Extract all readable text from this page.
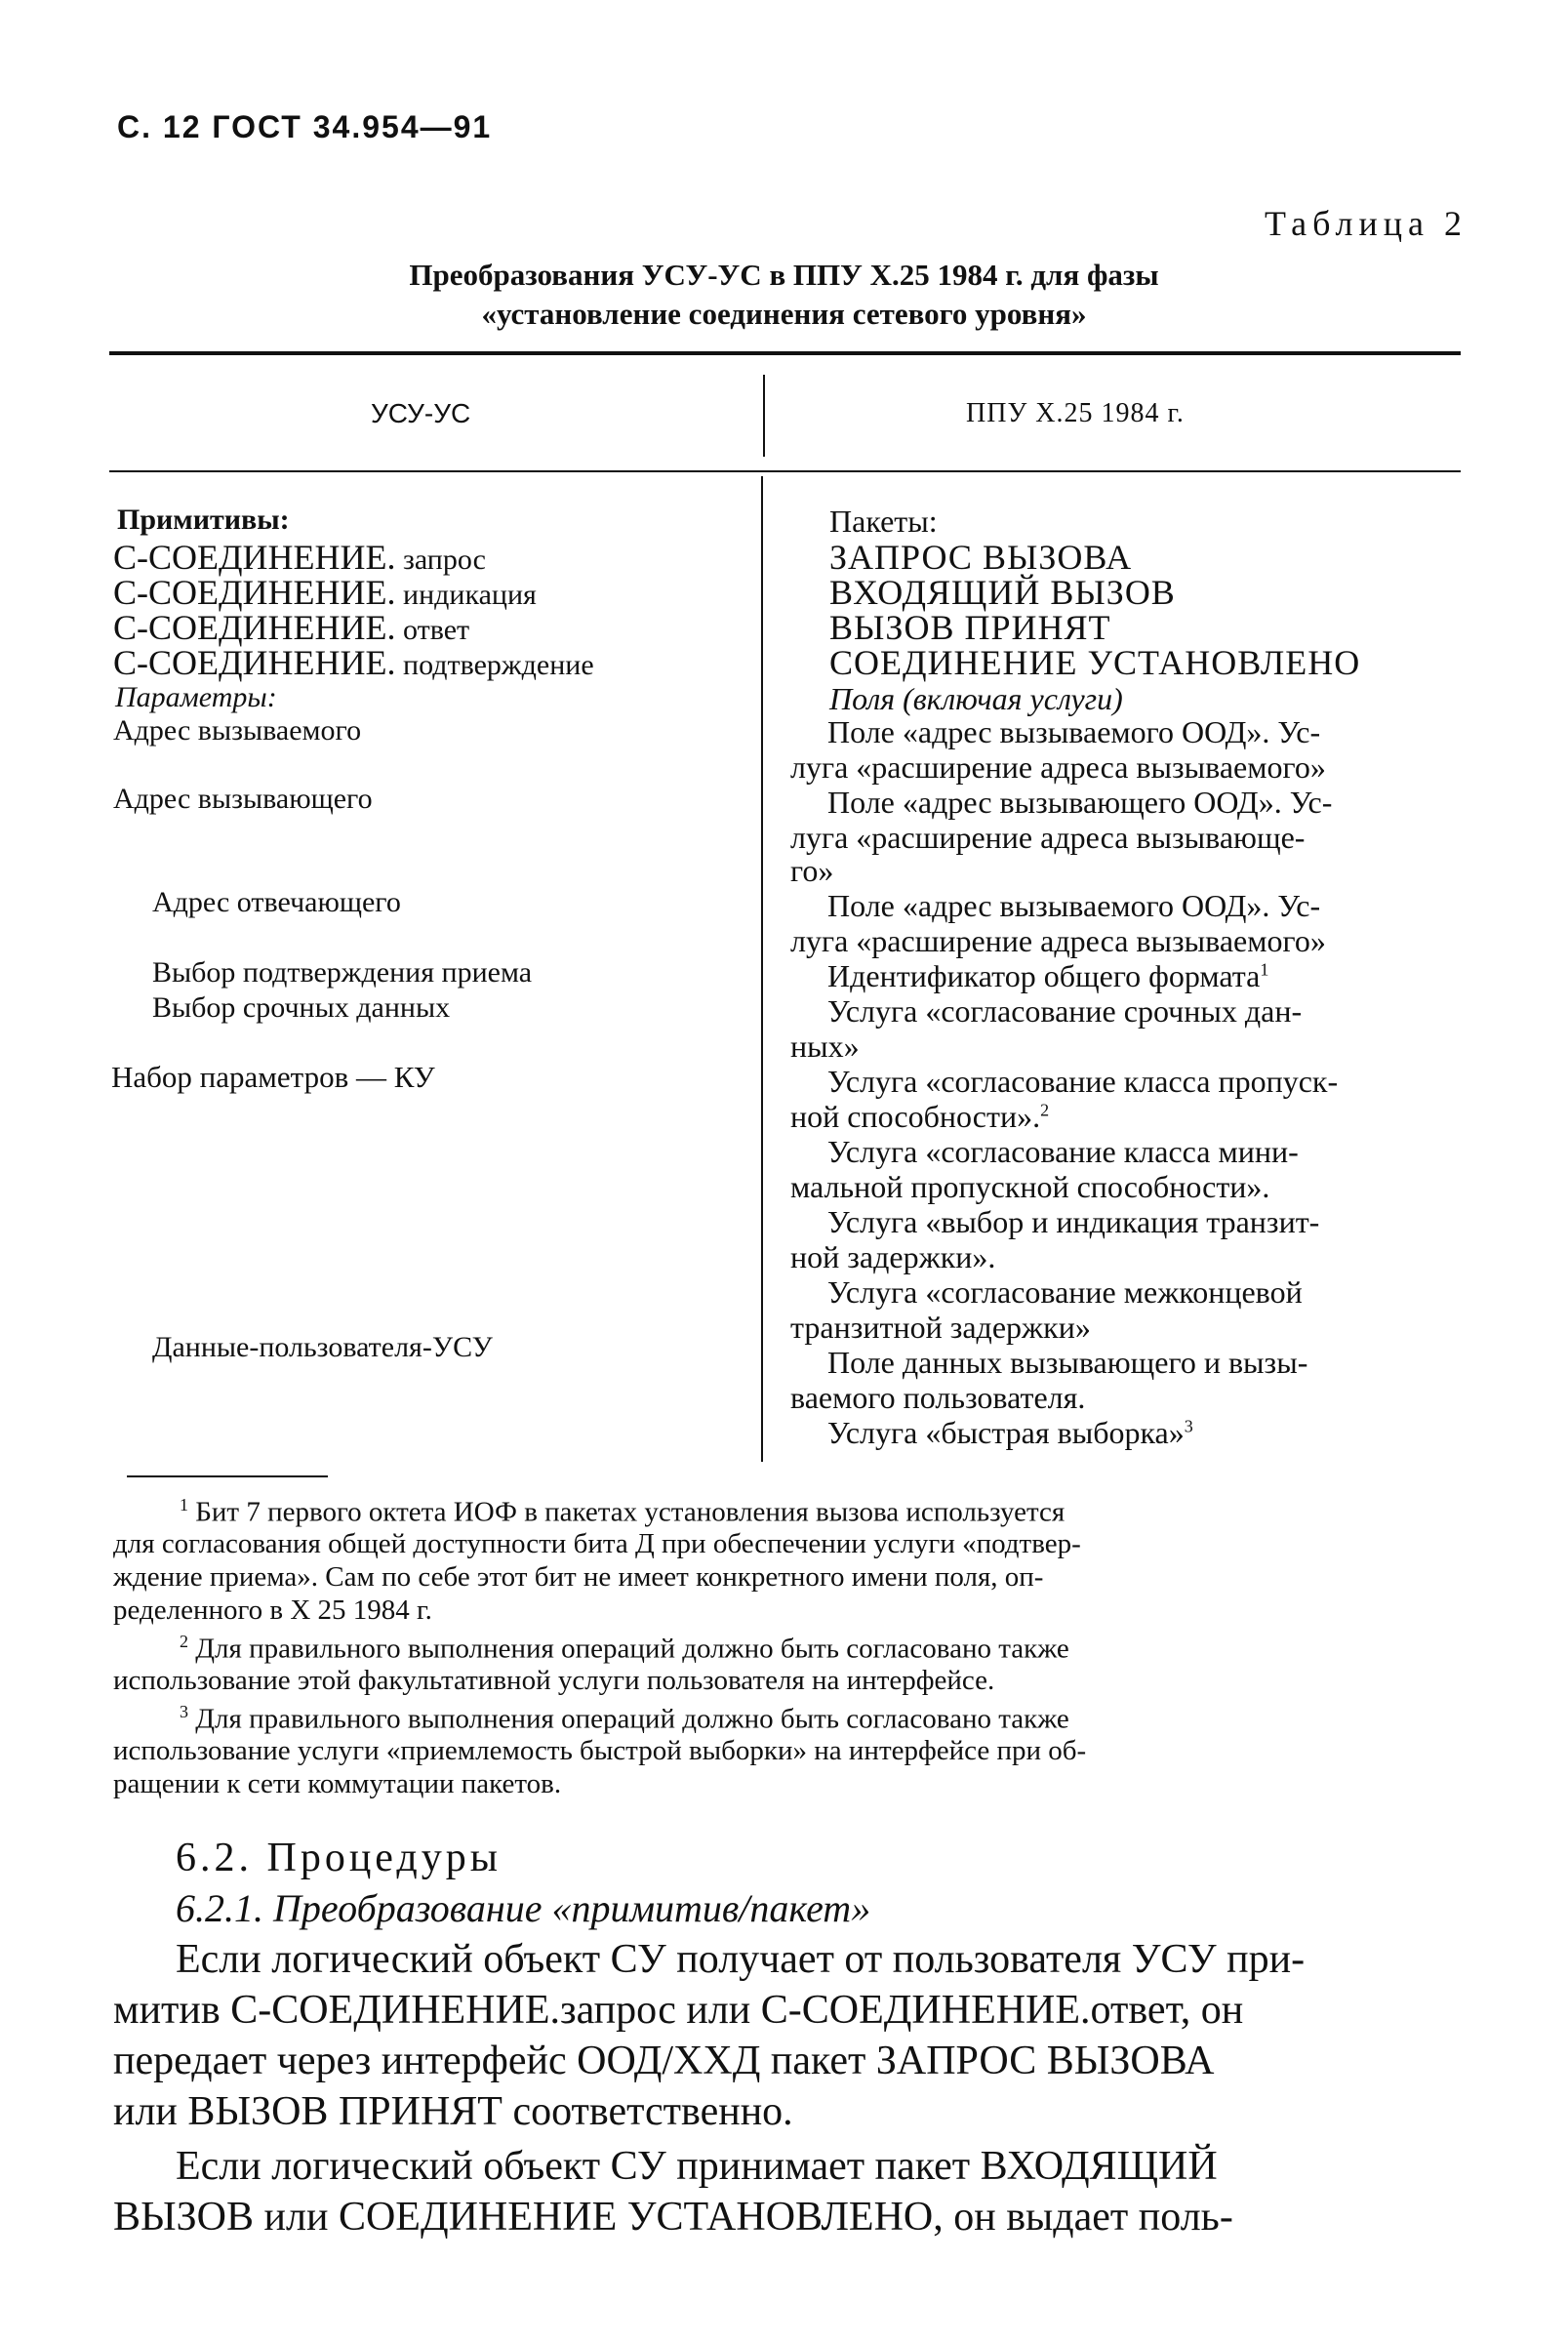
С. 12 ГОСТ 34.954—91
Таблица 2
Преобразования УСУ-УС в ППУ Х.25 1984 г. для фазы
«установление соединения сетевого уровня»
УСУ-УС	ППУ Х.25 1984 г.
Примитивы:
С-СОЕДИНЕНИЕ. запрос
С-СОЕДИНЕНИЕ. индикация
С-СОЕДИНЕНИЕ. ответ
С-СОЕДИНЕНИЕ. подтверждение
Параметры:
Адрес вызываемого
Адрес вызывающего
Адрес отвечающего
Выбор подтверждения приема
Выбор срочных данных
Набор параметров — КУ
Данные-пользователя-УСУ
Пакеты:
ЗАПРОС ВЫЗОВА
ВХОДЯЩИЙ ВЫЗОВ
ВЫЗОВ ПРИНЯТ
СОЕДИНЕНИЕ УСТАНОВЛЕНО
Поля (включая услуги)
Поле «адрес вызываемого ООД». Ус-
луга «расширение адреса вызываемого»
Поле «адрес вызывающего ООД». Ус-
луга «расширение адреса вызывающе-
го»
Поле «адрес вызываемого ООД». Ус-
луга «расширение адреса вызываемого»
Идентификатор общего формата$^1$
Услуга «согласование срочных дан-
ных»
Услуга «согласование класса пропуск-
ной способности».$^2$
Услуга «согласование класса мини-
мальной пропускной способности».
Услуга «выбор и индикация транзит-
ной задержки».
Услуга «согласование межконцевой
транзитной задержки»
Поле данных вызывающего и вызы-
ваемого пользователя.
Услуга «быстрая выборка»$^3$
$^1$ Бит 7 первого октета ИОФ в пакетах установления вызова используется
для согласования общей доступности бита Д при обеспечении услуги «подтвер-
ждение приема». Сам по себе этот бит не имеет конкретного имени поля, оп-
ределенного в Х 25 1984 г.
$^2$ Для правильного выполнения операций должно быть согласовано также
использование этой факультативной услуги пользователя на интерфейсе.
$^3$ Для правильного выполнения операций должно быть согласовано также
использование услуги «приемлемость быстрой выборки» на интерфейсе при об-
ращении к сети коммутации пакетов.
6.2. Процедуры
6.2.1. Преобразование «примитив/пакет»
Если логический объект СУ получает от пользователя УСУ при-
митив С-СОЕДИНЕНИЕ.запрос или С-СОЕДИНЕНИЕ.ответ, он
передает через интерфейс ООД/ХХД пакет ЗАПРОС ВЫЗОВА
или ВЫЗОВ ПРИНЯТ соответственно.
Если логический объект СУ принимает пакет ВХОДЯЩИЙ
ВЫЗОВ или СОЕДИНЕНИЕ УСТАНОВЛЕНО, он выдает поль-
